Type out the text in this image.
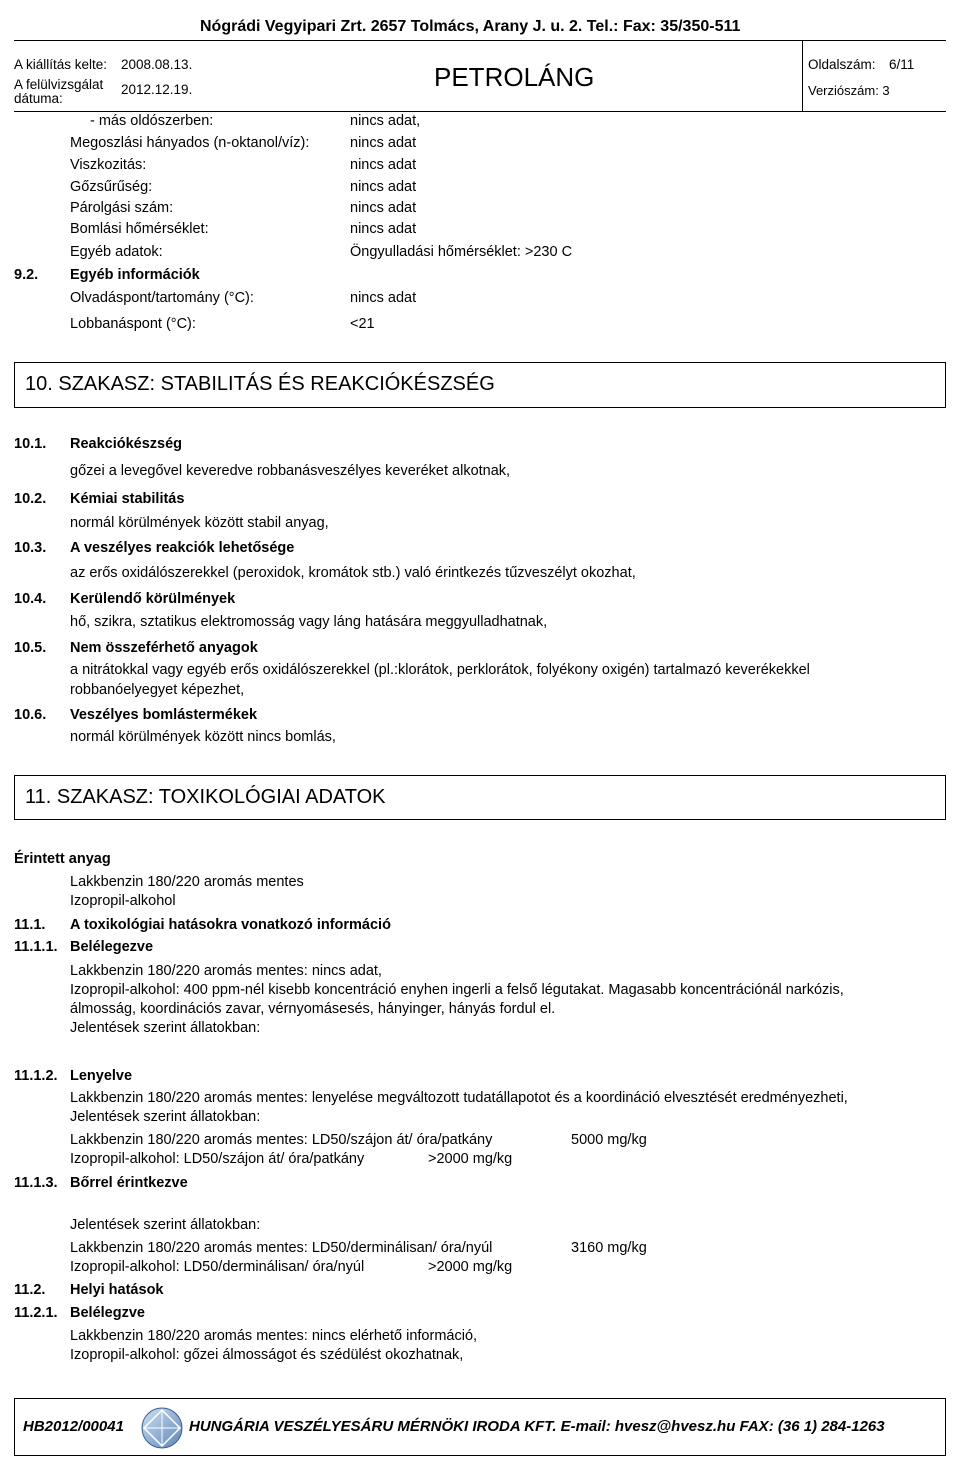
Nógrádi Vegyipari Zrt. 2657 Tolmács, Arany J. u. 2. Tel.: Fax: 35/350-511
A kiállítás kelte: 2008.08.13.
A felülvizsgálat
dátuma:
2012.12.19.	PETROLÁNG	Oldalszám: 6/11
Verziószám: 3
- más oldószerben:	nincs adat,
Megoszlási hányados (n-oktanol/víz):	nincs adat
Viszkozitás:	nincs adat
Gőzsűrűség:	nincs adat
Párolgási szám:	nincs adat
Bomlási hőmérséklet:	nincs adat
Egyéb adatok:	Öngyulladási hőmérséklet: >230 C
9.2. Egyéb információk
Olvadáspont/tartomány (°C):	nincs adat
Lobbanáspont (°C):	<21
10. SZAKASZ: STABILITÁS ÉS REAKCIÓKÉSZSÉG
10.1. Reakciókészség
gőzei a levegővel keveredve robbanásveszélyes keveréket alkotnak,
10.2. Kémiai stabilitás
normál körülmények között stabil anyag,
10.3. A veszélyes reakciók lehetősége
az erős oxidálószerekkel (peroxidok, kromátok stb.) való érintkezés tűzveszélyt okozhat,
10.4. Kerülendő körülmények
hő, szikra, sztatikus elektromosság vagy láng hatására meggyulladhatnak,
10.5. Nem összeférhető anyagok
a nitrátokkal vagy egyéb erős oxidálószerekkel (pl.:klorátok, perklorátok, folyékony oxigén) tartalmazó keverékekkel
robbanóelyegyet képezhet,
10.6. Veszélyes bomlástermékek
normál körülmények között nincs bomlás,
11. SZAKASZ: TOXIKOLÓGIAI ADATOK
Érintett anyag
Lakkbenzin 180/220 aromás mentes
Izopropil-alkohol
11.1. A toxikológiai hatásokra vonatkozó információ
11.1.1. Belélegezve
Lakkbenzin 180/220 aromás mentes: nincs adat,
Izopropil-alkohol: 400 ppm-nél kisebb koncentráció enyhen ingerli a felső légutakat. Magasabb koncentrációnál narkózis,
álmosság, koordinációs zavar, vérnyomásesés, hányinger, hányás fordul el.
Jelentések szerint állatokban:
11.1.2. Lenyelve
Lakkbenzin 180/220 aromás mentes: lenyelése megváltozott tudatállapotot és a koordináció elvesztését eredményezheti,
Jelentések szerint állatokban:
Lakkbenzin 180/220 aromás mentes: LD50/szájon át/ óra/patkány	5000 mg/kg
Izopropil-alkohol: LD50/szájon át/ óra/patkány	>2000 mg/kg
11.1.3. Bőrrel érintkezve
Jelentések szerint állatokban:
Lakkbenzin 180/220 aromás mentes: LD50/derminálisan/ óra/nyúl	3160 mg/kg
Izopropil-alkohol: LD50/derminálisan/ óra/nyúl	>2000 mg/kg
11.2. Helyi hatások
11.2.1. Belélegzve
Lakkbenzin 180/220 aromás mentes: nincs elérhető információ,
Izopropil-alkohol: gőzei álmosságot és szédülést okozhatnak,
HB2012/00041	HUNGÁRIA VESZÉLYESÁRU MÉRNÖKI IRODA KFT. E-mail: hvesz@hvesz.hu FAX: (36 1) 284-1263
